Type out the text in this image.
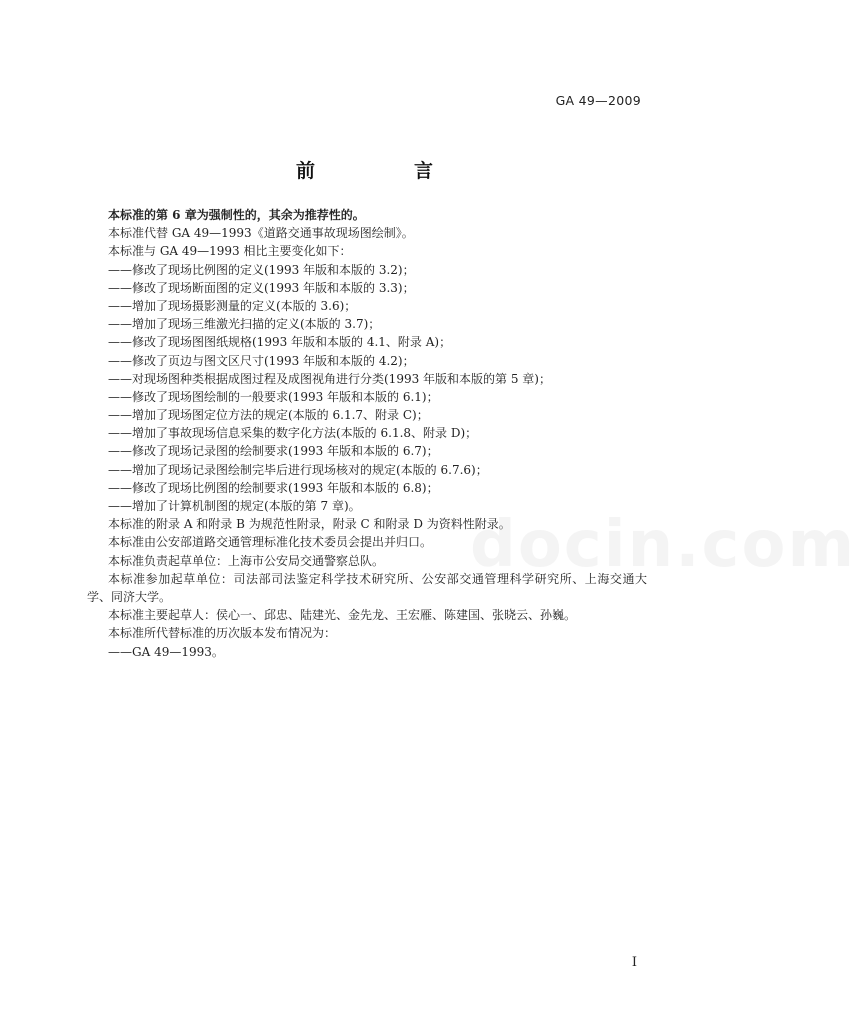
GA 49—2009
前　言
本标准的第 6 章为强制性的，其余为推荐性的。
本标准代替 GA 49—1993《道路交通事故现场图绘制》。
本标准与 GA 49—1993 相比主要变化如下：
——修改了现场比例图的定义(1993 年版和本版的 3.2)；
——修改了现场断面图的定义(1993 年版和本版的 3.3)；
——增加了现场摄影测量的定义(本版的 3.6)；
——增加了现场三维激光扫描的定义(本版的 3.7)；
——修改了现场图图纸规格(1993 年版和本版的 4.1、附录 A)；
——修改了页边与图文区尺寸(1993 年版和本版的 4.2)；
——对现场图种类根据成图过程及成图视角进行分类(1993 年版和本版的第 5 章)；
——修改了现场图绘制的一般要求(1993 年版和本版的 6.1)；
——增加了现场图定位方法的规定(本版的 6.1.7、附录 C)；
——增加了事故现场信息采集的数字化方法(本版的 6.1.8、附录 D)；
——修改了现场记录图的绘制要求(1993 年版和本版的 6.7)；
——增加了现场记录图绘制完毕后进行现场核对的规定(本版的 6.7.6)；
——修改了现场比例图的绘制要求(1993 年版和本版的 6.8)；
——增加了计算机制图的规定(本版的第 7 章)。
本标准的附录 A 和附录 B 为规范性附录，附录 C 和附录 D 为资料性附录。
本标准由公安部道路交通管理标准化技术委员会提出并归口。
本标准负责起草单位：上海市公安局交通警察总队。
本标准参加起草单位：司法部司法鉴定科学技术研究所、公安部交通管理科学研究所、上海交通大学、同济大学。
本标准主要起草人：侯心一、邱忠、陆建光、金先龙、王宏雁、陈建国、张晓云、孙巍。
本标准所代替标准的历次版本发布情况为：
——GA 49—1993。
docin.com
I
